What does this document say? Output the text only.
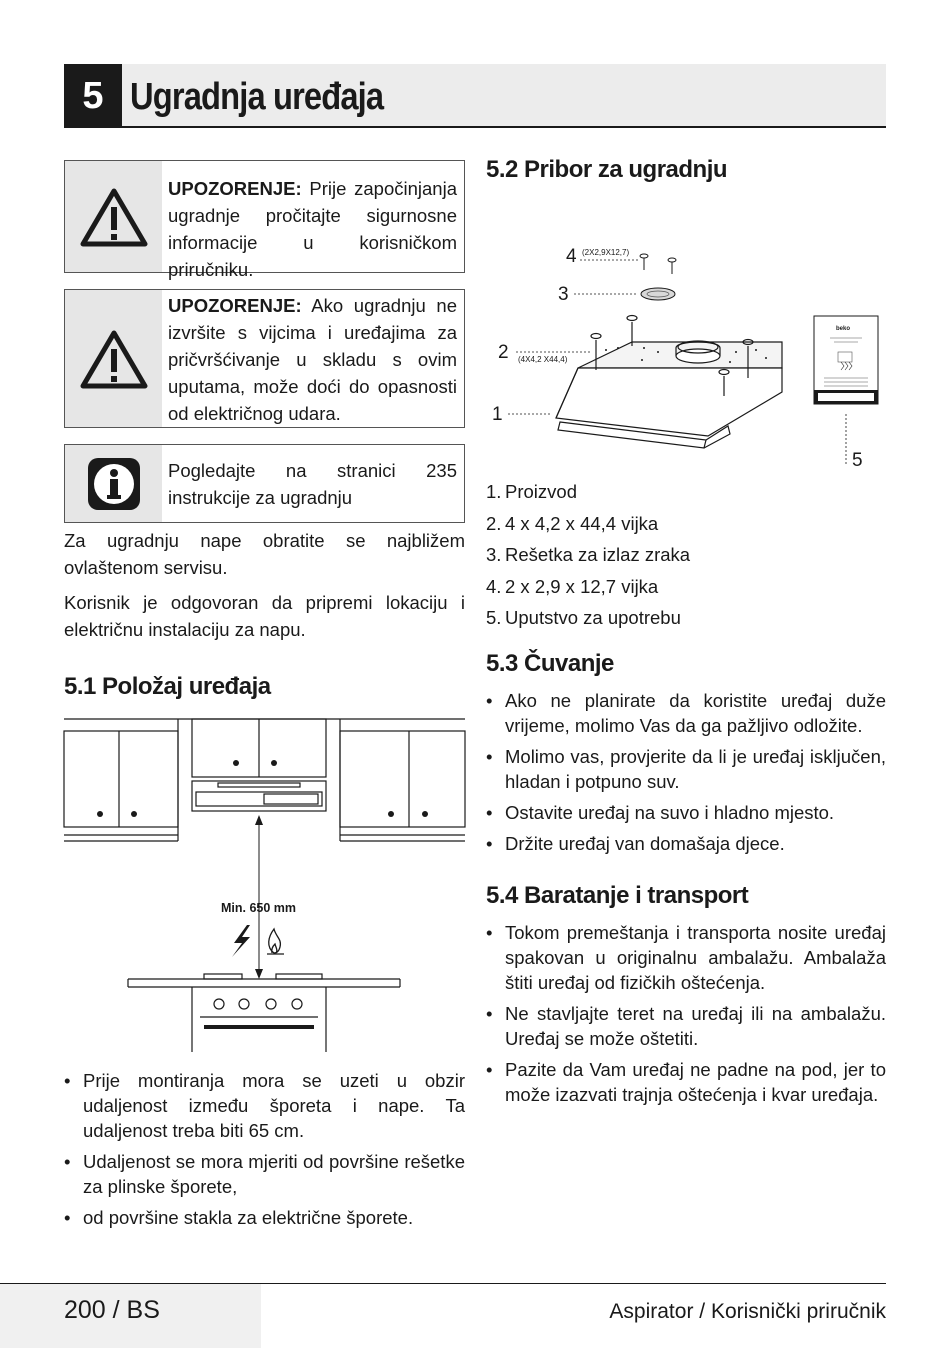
5 Ugradnja uređaja
UPOZORENJE: Prije započinjanja ugradnje pročitajte sigurnosne informacije u korisničkom priručniku.
UPOZORENJE: Ako ugradnju ne izvršite s vijcima i uređajima za pričvršćivanje u skladu s ovim uputama, može doći do opasnosti od električnog udara.
Pogledajte na stranici 235 instrukcije za ugradnju

Za ugradnju nape obratite se najbližem ovlaštenom servisu.

Korisnik je odgovoran da pripremi lokaciju i električnu instalaciju za napu.

5.1 Položaj uređaja
Min. 650 mm
• Prije montiranja mora se uzeti u obzir udaljenost između šporeta i nape. Ta udaljenost treba biti 65 cm.
• Udaljenost se mora mjeriti od površine rešetke za plinske šporete,
• od površine stakla za električne šporete.
5.2 Pribor za ugradnju
4 (2X2,9X12,7)
3
2 (4X4,2 X44,4)
1
beko
5
1. Proizvod
2. 4 x 4,2 x 44,4 vijka
3. Rešetka za izlaz zraka
4. 2 x 2,9 x 12,7 vijka
5. Uputstvo za upotrebu
5.3 Čuvanje
• Ako ne planirate da koristite uređaj duže vrijeme, molimo Vas da ga pažljivo odložite.
• Molimo vas, provjerite da li je uređaj isključen, hladan i potpuno suv.
• Ostavite uređaj na suvo i hladno mjesto.
• Držite uređaj van domašaja djece.
5.4 Baratanje i transport
• Tokom premeštanja i transporta nosite uređaj spakovan u originalnu ambalažu. Ambalaža štiti uređaj od fizičkih oštećenja.
• Ne stavljajte teret na uređaj ili na ambalažu. Uređaj se može oštetiti.
• Pazite da Vam uređaj ne padne na pod, jer to može izazvati trajnja oštećenja i kvar uređaja.
200 / BS	Aspirator / Korisnički priručnik
